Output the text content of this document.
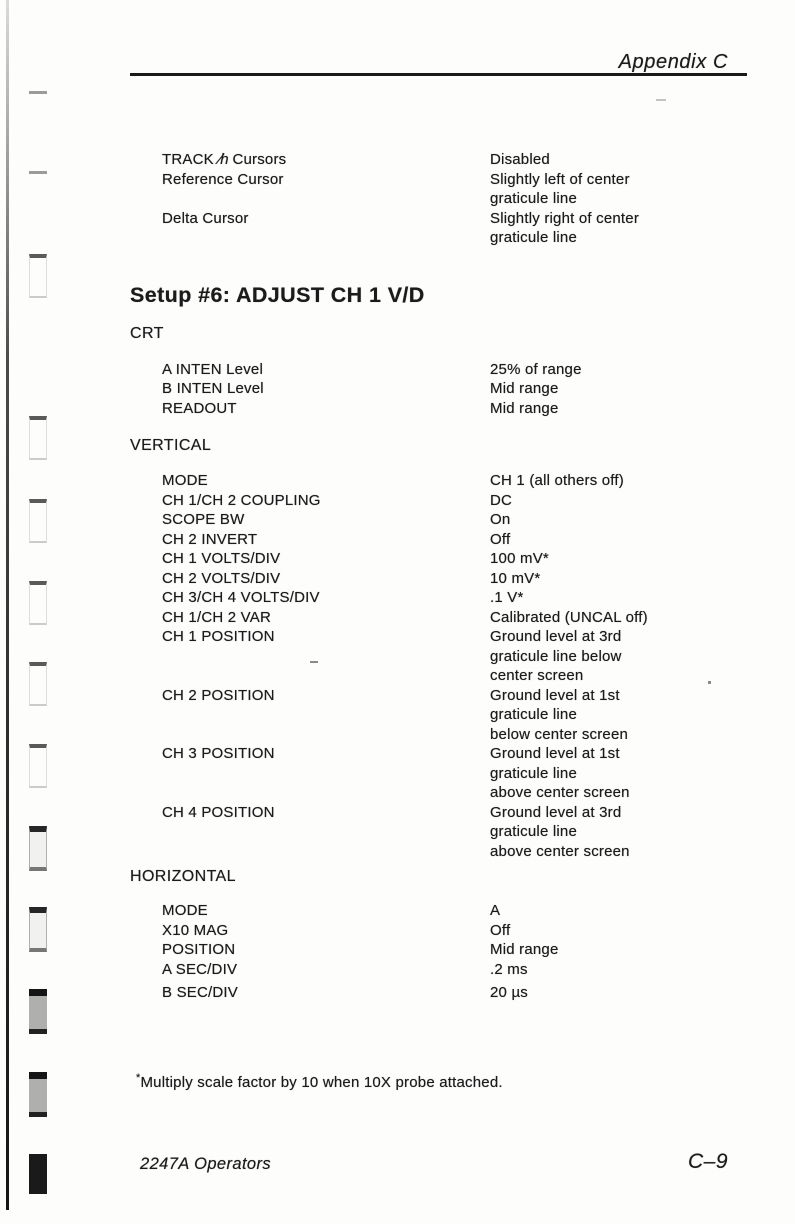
Appendix C
TRACK ∕h Cursors	Disabled
Reference Cursor	Slightly left of center
graticule line
Delta Cursor	Slightly right of center
graticule line
Setup #6: ADJUST CH 1 V/D
CRT
A INTEN Level	25% of range
B INTEN Level	Mid range
READOUT	Mid range
VERTICAL
MODE	CH 1 (all others off)
CH 1/CH 2 COUPLING	DC
SCOPE BW	On
CH 2 INVERT	Off
CH 1 VOLTS/DIV	100 mV*
CH 2 VOLTS/DIV	10 mV*
CH 3/CH 4 VOLTS/DIV	.1 V*
CH 1/CH 2 VAR	Calibrated (UNCAL off)
CH 1 POSITION	Ground level at 3rd
graticule line below
center screen
CH 2 POSITION	Ground level at 1st
graticule line
below center screen
CH 3 POSITION	Ground level at 1st
graticule line
above center screen
CH 4 POSITION	Ground level at 3rd
graticule line
above center screen
HORIZONTAL
MODE	A
X10 MAG	Off
POSITION	Mid range
A SEC/DIV	.2 ms
B SEC/DIV	20 µs
*Multiply scale factor by 10 when 10X probe attached.
2247A Operators	C–9
